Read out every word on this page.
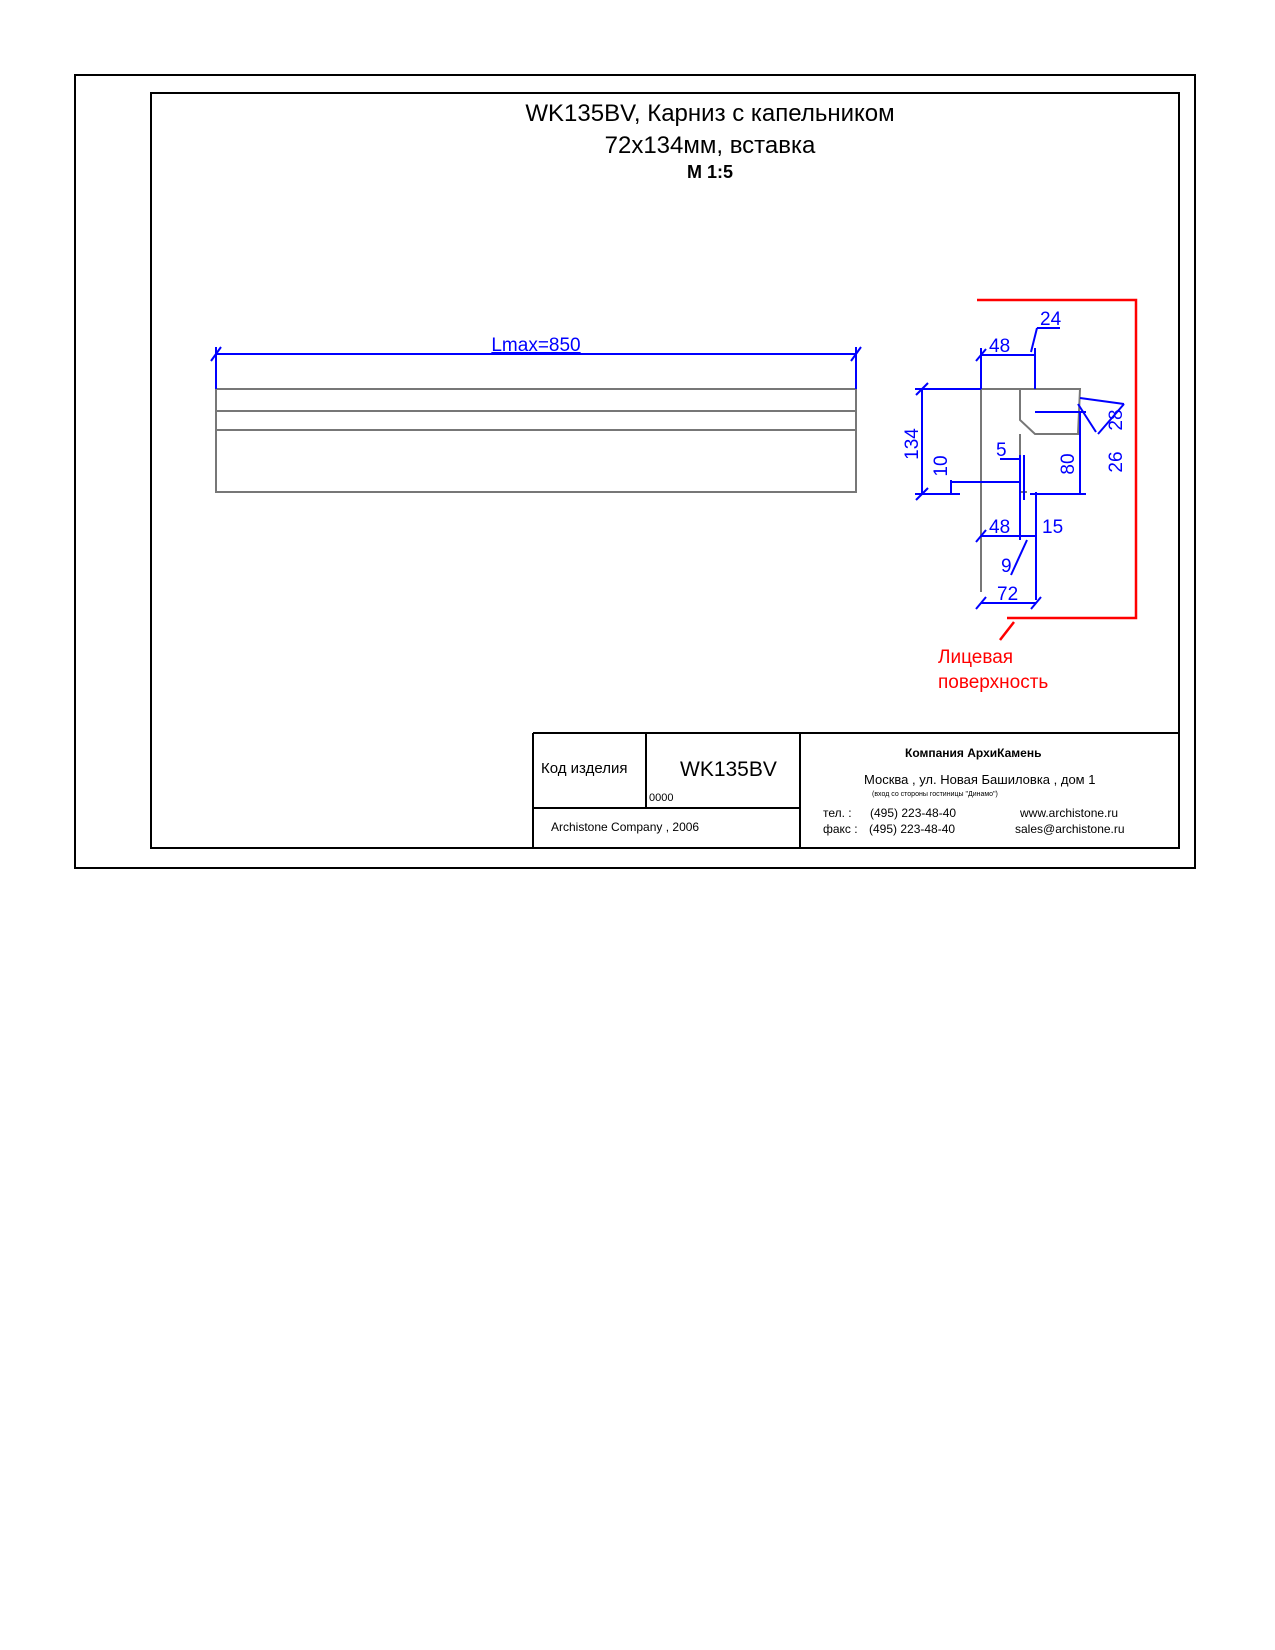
WK135BV, Карниз с капельником
72х134мм, вставка
М 1:5
Lmax=850
24
48
134
10
5
80
28
26
48 15
9
72
Лицевая
поверхность
Код изделия	WK135BV
0000
Archistone Company , 2006
Компания АрхиКамень
Москва , ул. Новая Башиловка , дом 1
(вход со стороны гостиницы "Динамо")
тел. : (495) 223-48-40
факс : (495) 223-48-40
www.archistone.ru
sales@archistone.ru
